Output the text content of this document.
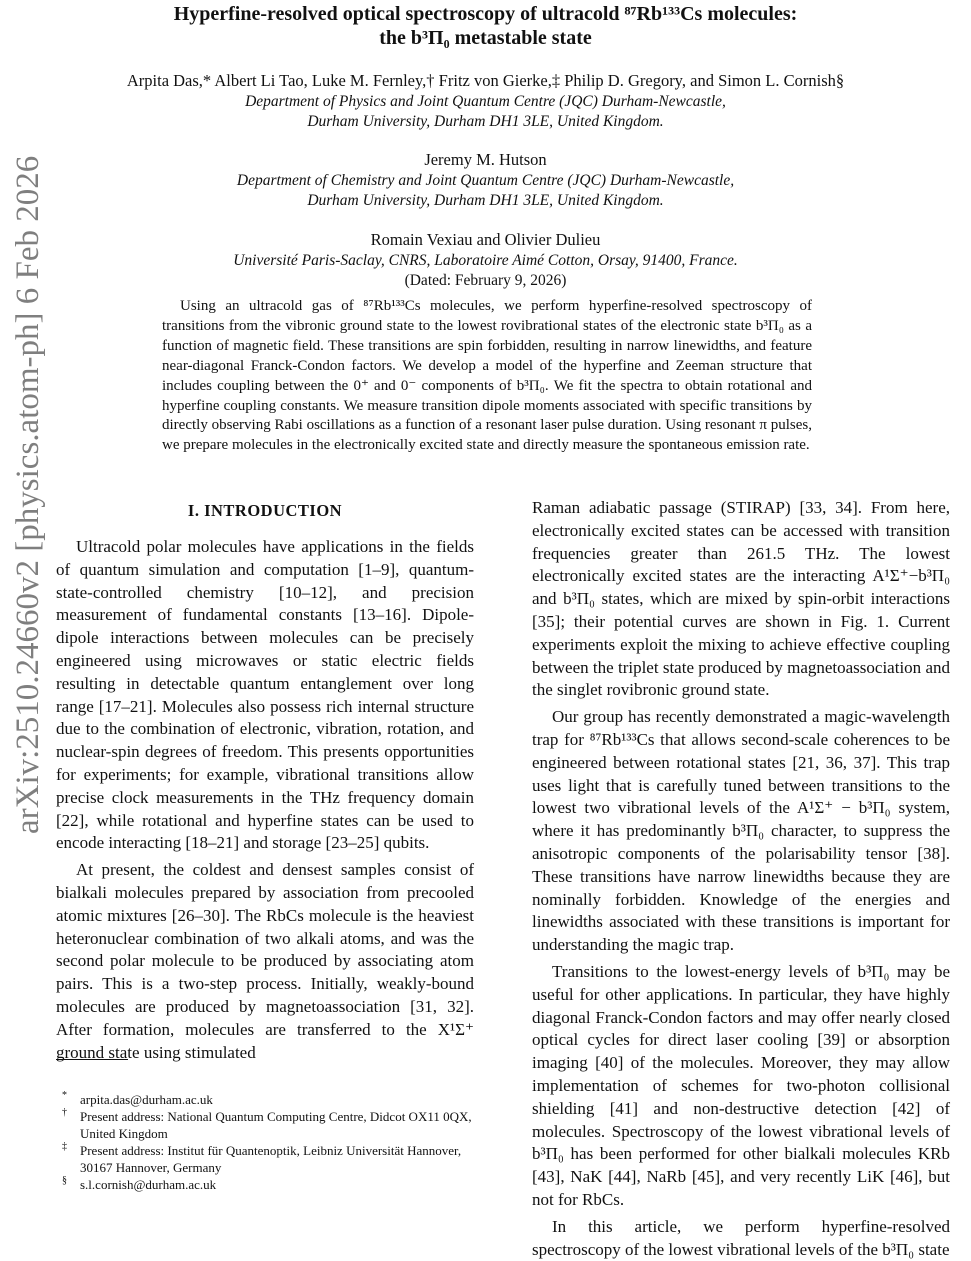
arXiv:2510.24660v2 [physics.atom-ph] 6 Feb 2026
Hyperfine-resolved optical spectroscopy of ultracold ⁸⁷Rb¹³³Cs molecules:
the b³Π₀ metastable state
Arpita Das,* Albert Li Tao, Luke M. Fernley,† Fritz von Gierke,‡ Philip D. Gregory, and Simon L. Cornish§
Department of Physics and Joint Quantum Centre (JQC) Durham-Newcastle,
Durham University, Durham DH1 3LE, United Kingdom.
Jeremy M. Hutson
Department of Chemistry and Joint Quantum Centre (JQC) Durham-Newcastle,
Durham University, Durham DH1 3LE, United Kingdom.
Romain Vexiau and Olivier Dulieu
Université Paris-Saclay, CNRS, Laboratoire Aimé Cotton, Orsay, 91400, France.
(Dated: February 9, 2026)
Using an ultracold gas of ⁸⁷Rb¹³³Cs molecules, we perform hyperfine-resolved spectroscopy of transitions from the vibronic ground state to the lowest rovibrational states of the electronic state b³Π₀ as a function of magnetic field. These transitions are spin forbidden, resulting in narrow linewidths, and feature near-diagonal Franck-Condon factors. We develop a model of the hyperfine and Zeeman structure that includes coupling between the 0⁺ and 0⁻ components of b³Π₀. We fit the spectra to obtain rotational and hyperfine coupling constants. We measure transition dipole moments associated with specific transitions by directly observing Rabi oscillations as a function of a resonant laser pulse duration. Using resonant π pulses, we prepare molecules in the electronically excited state and directly measure the spontaneous emission rate.
I. INTRODUCTION

Ultracold polar molecules have applications in the fields of quantum simulation and computation [1–9], quantum-state-controlled chemistry [10–12], and precision measurement of fundamental constants [13–16]. Dipole-dipole interactions between molecules can be precisely engineered using microwaves or static electric fields resulting in detectable quantum entanglement over long range [17–21]. Molecules also possess rich internal structure due to the combination of electronic, vibration, rotation, and nuclear-spin degrees of freedom. This presents opportunities for experiments; for example, vibrational transitions allow precise clock measurements in the THz frequency domain [22], while rotational and hyperfine states can be used to encode interacting [18–21] and storage [23–25] qubits.

At present, the coldest and densest samples consist of bialkali molecules prepared by association from precooled atomic mixtures [26–30]. The RbCs molecule is the heaviest heteronuclear combination of two alkali atoms, and was the second polar molecule to be produced by associating atom pairs. This is a two-step process. Initially, weakly-bound molecules are produced by magnetoassociation [31, 32]. After formation, molecules are transferred to the X¹Σ⁺ ground state using stimulated

Raman adiabatic passage (STIRAP) [33, 34]. From here, electronically excited states can be accessed with transition frequencies greater than 261.5 THz. The lowest electronically excited states are the interacting A¹Σ⁺−b³Π₀ and b³Π₀ states, which are mixed by spin-orbit interactions [35]; their potential curves are shown in Fig. 1. Current experiments exploit the mixing to achieve effective coupling between the triplet state produced by magnetoassociation and the singlet rovibronic ground state.

Our group has recently demonstrated a magic-wavelength trap for ⁸⁷Rb¹³³Cs that allows second-scale coherences to be engineered between rotational states [21, 36, 37]. This trap uses light that is carefully tuned between transitions to the lowest two vibrational levels of the A¹Σ⁺ − b³Π₀ system, where it has predominantly b³Π₀ character, to suppress the anisotropic components of the polarisability tensor [38]. These transitions have narrow linewidths because they are nominally forbidden. Knowledge of the energies and linewidths associated with these transitions is important for understanding the magic trap.

Transitions to the lowest-energy levels of b³Π₀ may be useful for other applications. In particular, they have highly diagonal Franck-Condon factors and may offer nearly closed optical cycles for direct laser cooling [39] or absorption imaging [40] of the molecules. Moreover, they may allow implementation of schemes for two-photon collisional shielding [41] and non-destructive detection [42] of molecules. Spectroscopy of the lowest vibrational levels of b³Π₀ has been performed for other bialkali molecules KRb [43], NaK [44], NaRb [45], and very recently LiK [46], but not for RbCs.

In this article, we perform hyperfine-resolved spectroscopy of the lowest vibrational levels of the b³Π₀ state

* arpita.das@durham.ac.uk
† Present address: National Quantum Computing Centre, Didcot OX11 0QX, United Kingdom
‡ Present address: Institut für Quantenoptik, Leibniz Universität Hannover, 30167 Hannover, Germany
§ s.l.cornish@durham.ac.uk
